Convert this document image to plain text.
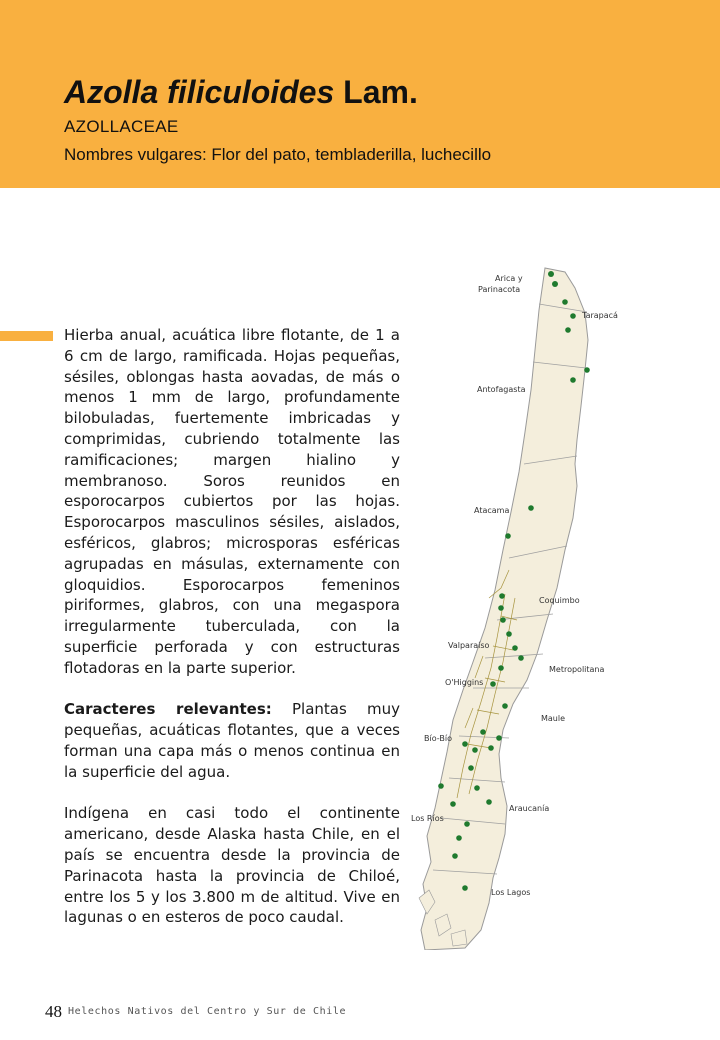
Azolla filiculoides Lam.
AZOLLACEAE
Nombres vulgares: Flor del pato, tembladerilla, luchecillo

Hierba anual, acuática libre flotante, de 1 a 6 cm de largo, ramificada. Hojas pequeñas, sésiles, oblongas hasta aovadas, de más o menos 1 mm de largo, profundamente bilobuladas, fuertemente imbricadas y comprimidas, cubriendo totalmente las ramificaciones; margen hialino y membranoso. Soros reunidos en esporocarpos cubiertos por las hojas. Esporocarpos masculinos sésiles, aislados, esféricos, glabros; microsporas esféricas agrupadas en másulas, externamente con gloquidios. Esporocarpos femeninos piriformes, glabros, con una megaspora irregularmente tuberculada, con la superficie perforada y con estructuras flotadoras en la parte superior.

Caracteres relevantes: Plantas muy pequeñas, acuáticas flotantes, que a veces forman una capa más o menos continua en la superficie del agua.

Indígena en casi todo el continente americano, desde Alaska hasta Chile, en el país se encuentra desde la provincia de Parinacota hasta la provincia de Chiloé, entre los 5 y los 3.800 m de altitud. Vive en lagunas o en esteros de poco caudal.

Arica y
Parinacota
Tarapacá
Antofagasta
Atacama
Coquimbo
Valparaíso
Metropolitana
O'Higgins
Maule
Bío-Bío
Araucanía
Los Ríos
Los Lagos
48 Helechos Nativos del Centro y Sur de Chile
